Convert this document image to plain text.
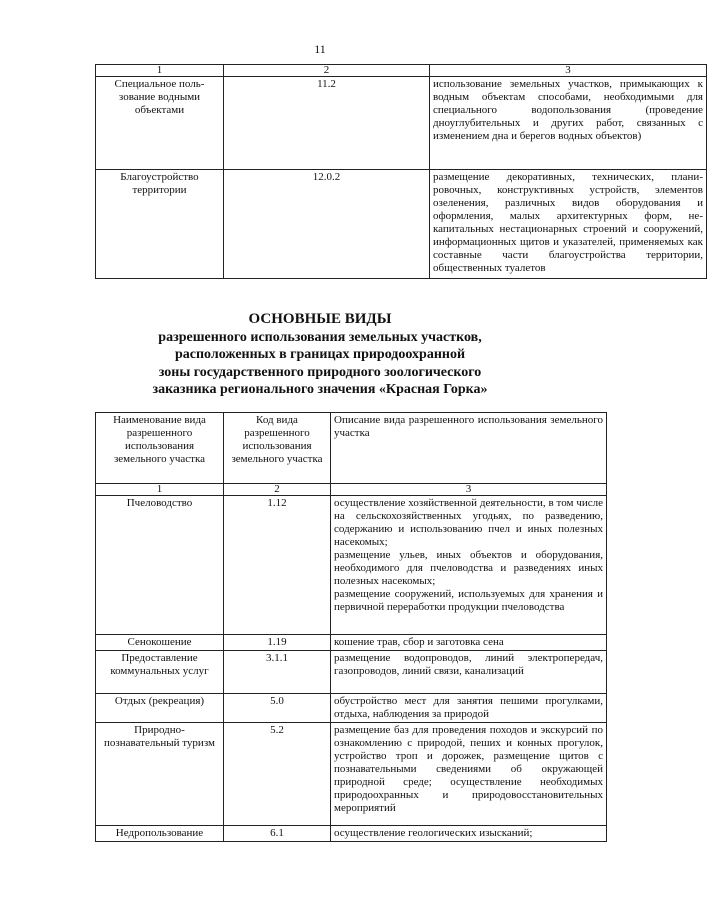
11
1	2	3
Специальное пользование водными объектами	11.2	использование земельных участков, примыкающих к водным объектам способами, необходимыми для специального водопользования (проведение дноуглубительных и других работ, связанных с изменением дна и берегов водных объектов)
Благоустройство территории	12.0.2	размещение декоративных, технических, планировочных, конструктивных устройств, элементов озеленения, различных видов оборудования и оформления, малых архитектурных форм, некапитальных нестационарных строений и сооружений, информационных щитов и указателей, применяемых как составные части благоустройства территории, общественных туалетов
ОСНОВНЫЕ ВИДЫ
разрешенного использования земельных участков,
расположенных в границах природоохранной
зоны государственного природного зоологического
заказника регионального значения «Красная Горка»
Наименование вида разрешенного использования земельного участка	Код вида разрешенного использования земельного участка	Описание вида разрешенного использования земельного участка
1	2	3
Пчеловодство	1.12	осуществление хозяйственной деятельности, в том числе на сельскохозяйственных угодьях, по разведению, содержанию и использованию пчел и иных полезных насекомых;
размещение ульев, иных объектов и оборудования, необходимого для пчеловодства и разведениях иных полезных насекомых;
размещение сооружений, используемых для хранения и первичной переработки продукции пчеловодства

Сенокошение	1.19	кошение трав, сбор и заготовка сена
Предоставление коммунальных услуг	3.1.1	размещение водопроводов, линий электропередач, газопроводов, линий связи, канализаций
Отдых (рекреация)	5.0	обустройство мест для занятия пешими прогулками, отдыха, наблюдения за природой
Природно-познавательный туризм	5.2	размещение баз для проведения походов и экскурсий по ознакомлению с природой, пеших и конных прогулок, устройство троп и дорожек, размещение щитов с познавательными сведениями об окружающей природной среде; осуществление необходимых природоохранных и природовосстановительных мероприятий
Недропользование	6.1	осуществление геологических изысканий;
